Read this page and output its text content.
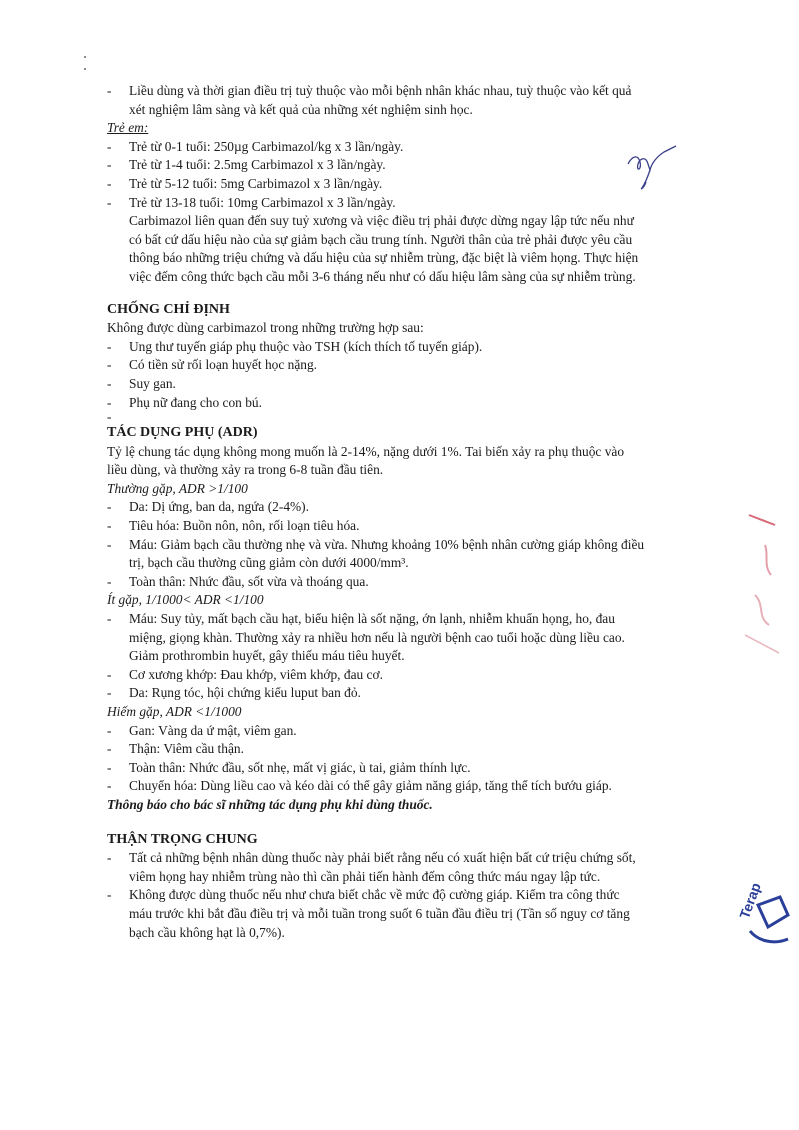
Terap
-	Liều dùng và thời gian điều trị tuỳ thuộc vào mỗi bệnh nhân khác nhau, tuỳ thuộc vào kết quả
xét nghiệm lâm sàng và kết quả của những xét nghiệm sinh học.
Trẻ em:
-	Trẻ từ 0-1 tuổi: 250µg Carbimazol/kg x 3 lần/ngày.
-	Trẻ từ 1-4 tuổi: 2.5mg Carbimazol x 3 lần/ngày.
-	Trẻ từ 5-12 tuổi: 5mg Carbimazol x 3 lần/ngày.
-	Trẻ từ 13-18 tuổi: 10mg Carbimazol x 3 lần/ngày.
Carbimazol liên quan đến suy tuỷ xương và việc điều trị phải được dừng ngay lập tức nếu như
có bất cứ dấu hiệu nào của sự giảm bạch cầu trung tính. Người thân của trẻ phải được yêu cầu
thông báo những triệu chứng và dấu hiệu của sự nhiễm trùng, đặc biệt là viêm họng. Thực hiện
việc đếm công thức bạch cầu mỗi 3-6 tháng nếu như có dấu hiệu lâm sàng của sự nhiễm trùng.
CHỐNG CHỈ ĐỊNH
Không được dùng carbimazol trong những trường hợp sau:
-	Ung thư tuyến giáp phụ thuộc vào TSH (kích thích tố tuyến giáp).
-	Có tiền sử rối loạn huyết học nặng.
-	Suy gan.
-	Phụ nữ đang cho con bú.
-
TÁC DỤNG PHỤ (ADR)
Tỷ lệ chung tác dụng không mong muốn là 2-14%, nặng dưới 1%. Tai biến xảy ra phụ thuộc vào
liều dùng, và thường xảy ra trong 6-8 tuần đầu tiên.
Thường gặp, ADR >1/100
-	Da: Dị ứng, ban da, ngứa (2-4%).
-	Tiêu hóa: Buồn nôn, nôn, rối loạn tiêu hóa.
-	Máu: Giảm bạch cầu thường nhẹ và vừa. Nhưng khoảng 10% bệnh nhân cường giáp không điều
trị, bạch cầu thường cũng giảm còn dưới 4000/mm³.
-	Toàn thân: Nhức đầu, sốt vừa và thoáng qua.
Ít gặp, 1/1000< ADR <1/100
-	Máu: Suy tủy, mất bạch cầu hạt, biểu hiện là sốt nặng, ớn lạnh, nhiễm khuẩn họng, ho, đau
miệng, giọng khàn. Thường xảy ra nhiều hơn nếu là người bệnh cao tuổi hoặc dùng liều cao.
Giảm prothrombin huyết, gây thiếu máu tiêu huyết.
-	Cơ xương khớp: Đau khớp, viêm khớp, đau cơ.
-	Da: Rụng tóc, hội chứng kiểu luput ban đỏ.
Hiếm gặp, ADR <1/1000
-	Gan: Vàng da ứ mật, viêm gan.
-	Thận: Viêm cầu thận.
-	Toàn thân: Nhức đầu, sốt nhẹ, mất vị giác, ù tai, giảm thính lực.
-	Chuyển hóa: Dùng liều cao và kéo dài có thể gây giảm năng giáp, tăng thể tích bướu giáp.
Thông báo cho bác sĩ những tác dụng phụ khi dùng thuốc.
THẬN TRỌNG CHUNG
-	Tất cả những bệnh nhân dùng thuốc này phải biết rằng nếu có xuất hiện bất cứ triệu chứng sốt,
viêm họng hay nhiễm trùng nào thì cần phải tiến hành đếm công thức máu ngay lập tức.
-	Không được dùng thuốc nếu như chưa biết chắc về mức độ cường giáp. Kiểm tra công thức
máu trước khi bắt đầu điều trị và mỗi tuần trong suốt 6 tuần đầu điều trị (Tần số nguy cơ tăng
bạch cầu không hạt là 0,7%).
